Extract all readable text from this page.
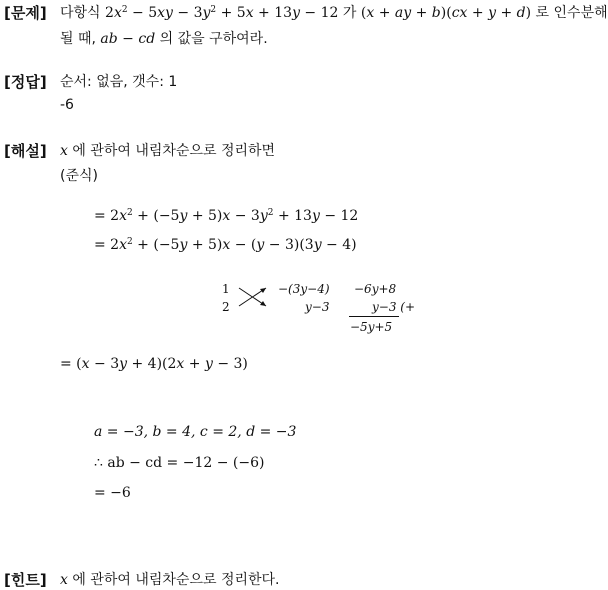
[문제] 다항식 $2x^2 - 5xy - 3y^2 + 5x + 13y - 12$ 가 (x + ay + b)(cx + y + d) 로 인수분해
될 때, ab − cd 의 값을 구하여라.
[정답] 순서: 없음, 갯수: 1
-6
[해설] x 에 관하여 내림차순으로 정리하면
(준식)
= $2x^2 + (-5y + 5)x - 3y^2 + 13y - 12$
= $2x^2 + (-5y + 5)x - (y - 3)(3y - 4)$
1
2
−(3y−4)
y−3
−6y+8
y−3 (+
−5y+5
= (x − 3y + 4)(2x + y − 3)
a = −3, b = 4, c = 2, d = −3
∴ ab − cd = −12 − (−6)
= −6
[힌트] x 에 관하여 내림차순으로 정리한다.
